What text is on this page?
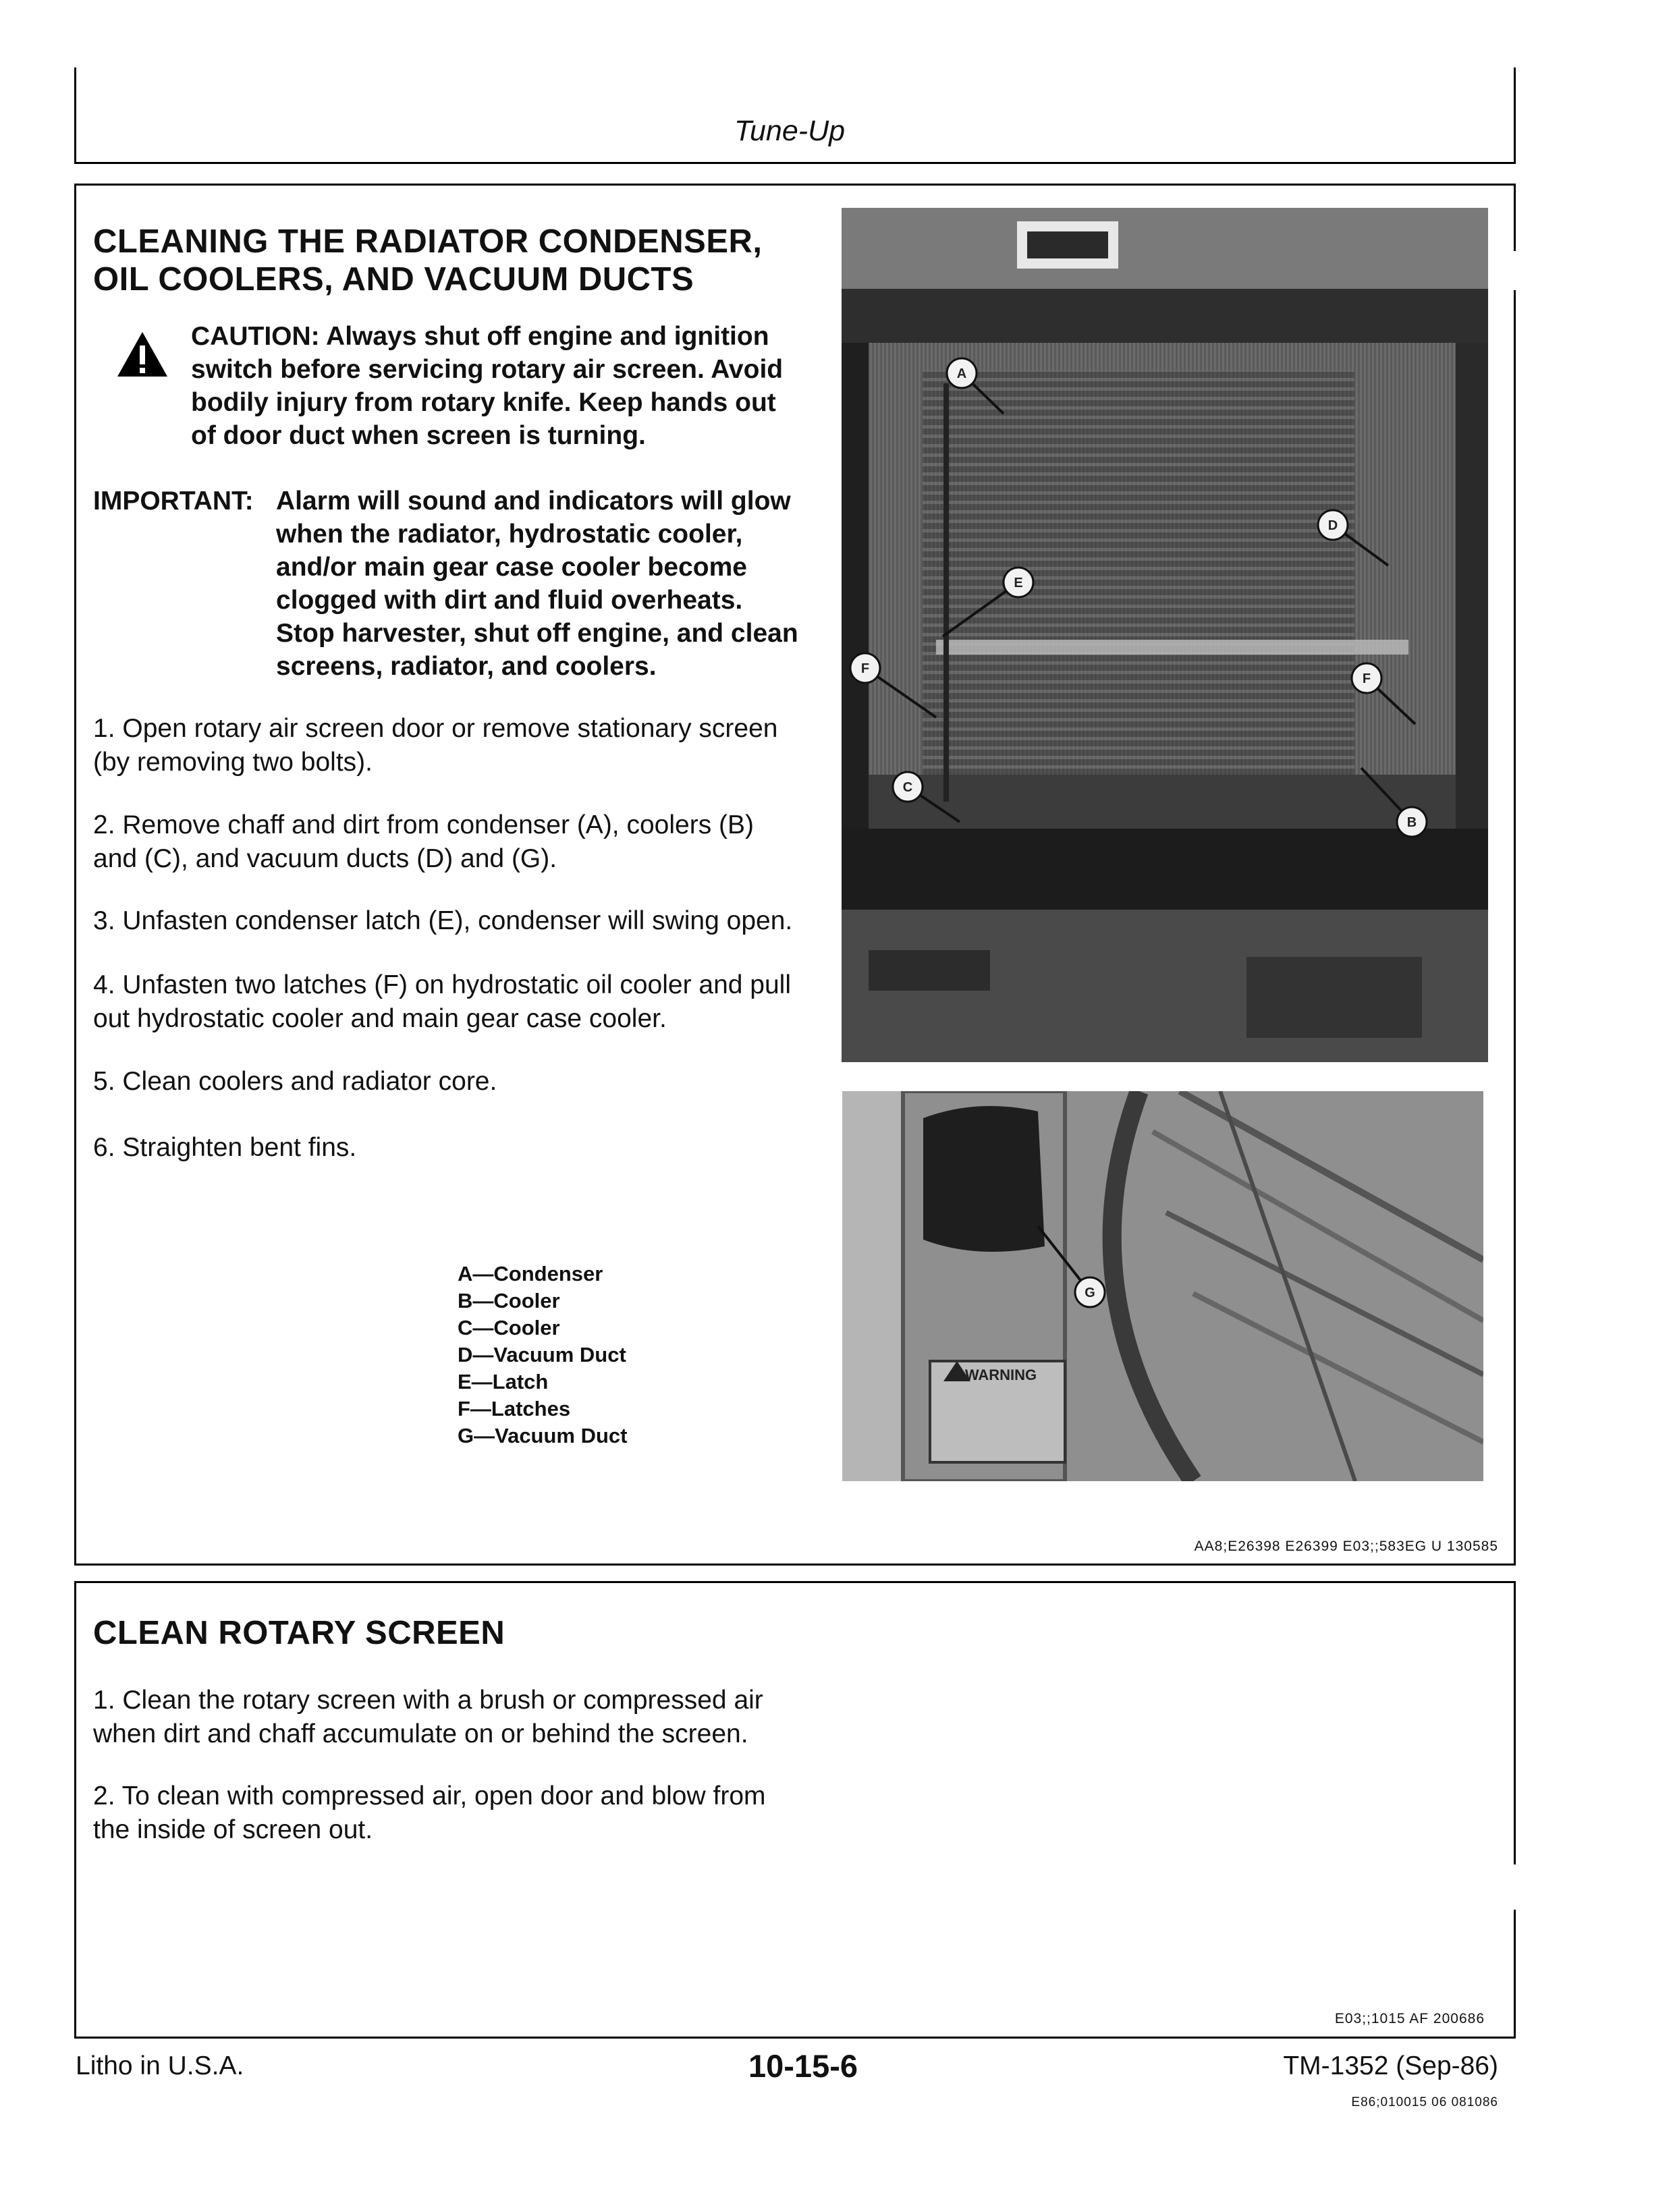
Tune-Up
CLEANING THE RADIATOR CONDENSER,
OIL COOLERS, AND VACUUM DUCTS
CAUTION: Always shut off engine and ignition
switch before servicing rotary air screen. Avoid
bodily injury from rotary knife. Keep hands out
of door duct when screen is turning.
IMPORTANT: Alarm will sound and indicators will glow
when the radiator, hydrostatic cooler,
and/or main gear case cooler become
clogged with dirt and fluid overheats.
Stop harvester, shut off engine, and clean
screens, radiator, and coolers.
1. Open rotary air screen door or remove stationary screen
(by removing two bolts).
2. Remove chaff and dirt from condenser (A), coolers (B)
and (C), and vacuum ducts (D) and (G).
3. Unfasten condenser latch (E), condenser will swing open.
4. Unfasten two latches (F) on hydrostatic oil cooler and pull
out hydrostatic cooler and main gear case cooler.
5. Clean coolers and radiator core.
6. Straighten bent fins.
A—Condenser
B—Cooler
C—Cooler
D—Vacuum Duct
E—Latch
F—Latches
G—Vacuum Duct
A
D
E
F
F
C
B
WARNING
G
AA8;E26398 E26399 E03;;583EG U 130585
CLEAN ROTARY SCREEN
1. Clean the rotary screen with a brush or compressed air
when dirt and chaff accumulate on or behind the screen.
2. To clean with compressed air, open door and blow from
the inside of screen out.
E03;;1015 AF 200686
Litho in U.S.A.	10-15-6	TM-1352 (Sep-86)
E86;010015 06 081086
